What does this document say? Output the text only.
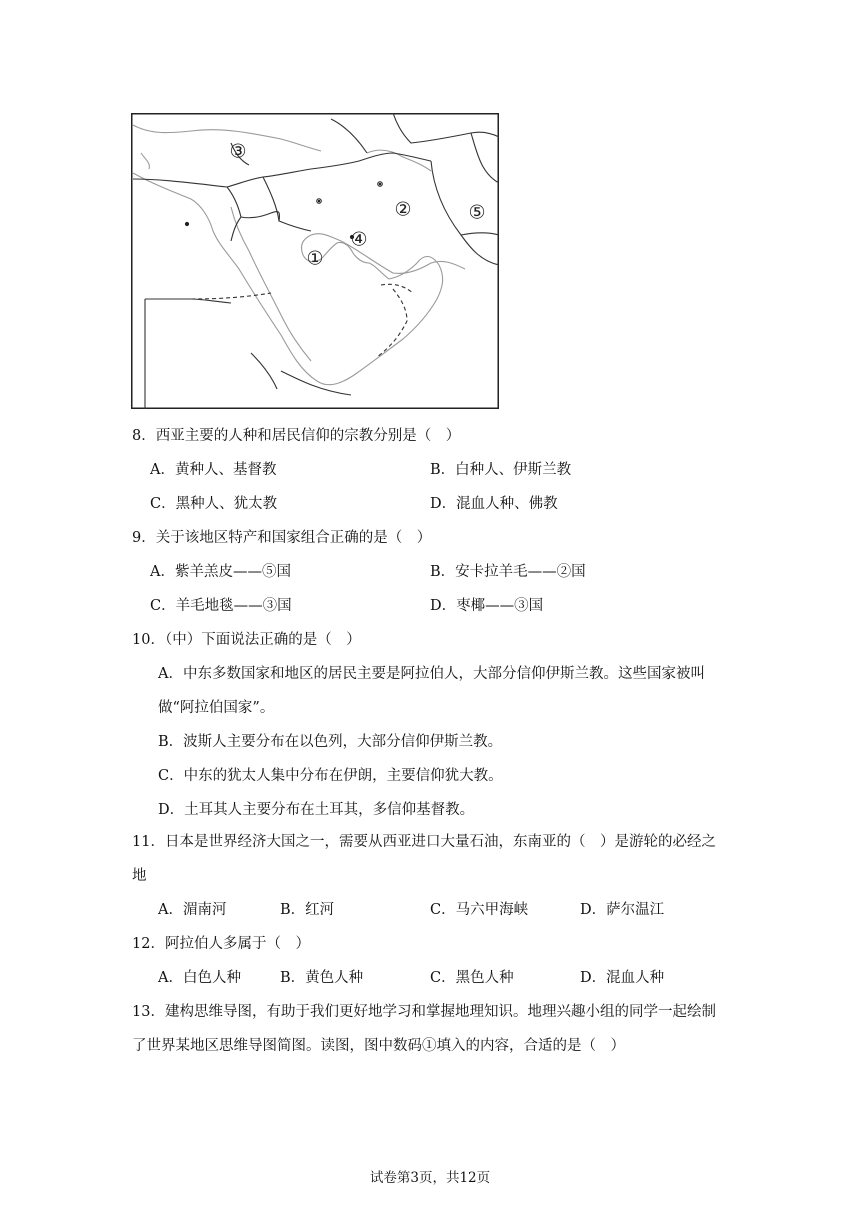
③
②	⑤
④
①
8．西亚主要的人种和居民信仰的宗教分别是（　）
A．黄种人、基督教	B．白种人、伊斯兰教
C．黑种人、犹太教	D．混血人种、佛教
9．关于该地区特产和国家组合正确的是（　）
A．紫羊羔皮——⑤国	B．安卡拉羊毛——②国
C．羊毛地毯——③国	D．枣椰——③国
10．（中）下面说法正确的是（　）
A．中东多数国家和地区的居民主要是阿拉伯人，大部分信仰伊斯兰教。这些国家被叫
做“阿拉伯国家”。
B．波斯人主要分布在以色列，大部分信仰伊斯兰教。
C．中东的犹太人集中分布在伊朗，主要信仰犹大教。
D．土耳其人主要分布在土耳其，多信仰基督教。
11．日本是世界经济大国之一，需要从西亚进口大量石油，东南亚的（　）是游轮的必经之
地
A．湄南河	B．红河	C．马六甲海峡	D．萨尔温江
12．阿拉伯人多属于（　）
A．白色人种	B．黄色人种	C．黑色人种	D．混血人种
13．建构思维导图，有助于我们更好地学习和掌握地理知识。地理兴趣小组的同学一起绘制
了世界某地区思维导图简图。读图，图中数码①填入的内容，合适的是（　）
试卷第3页，共12页
